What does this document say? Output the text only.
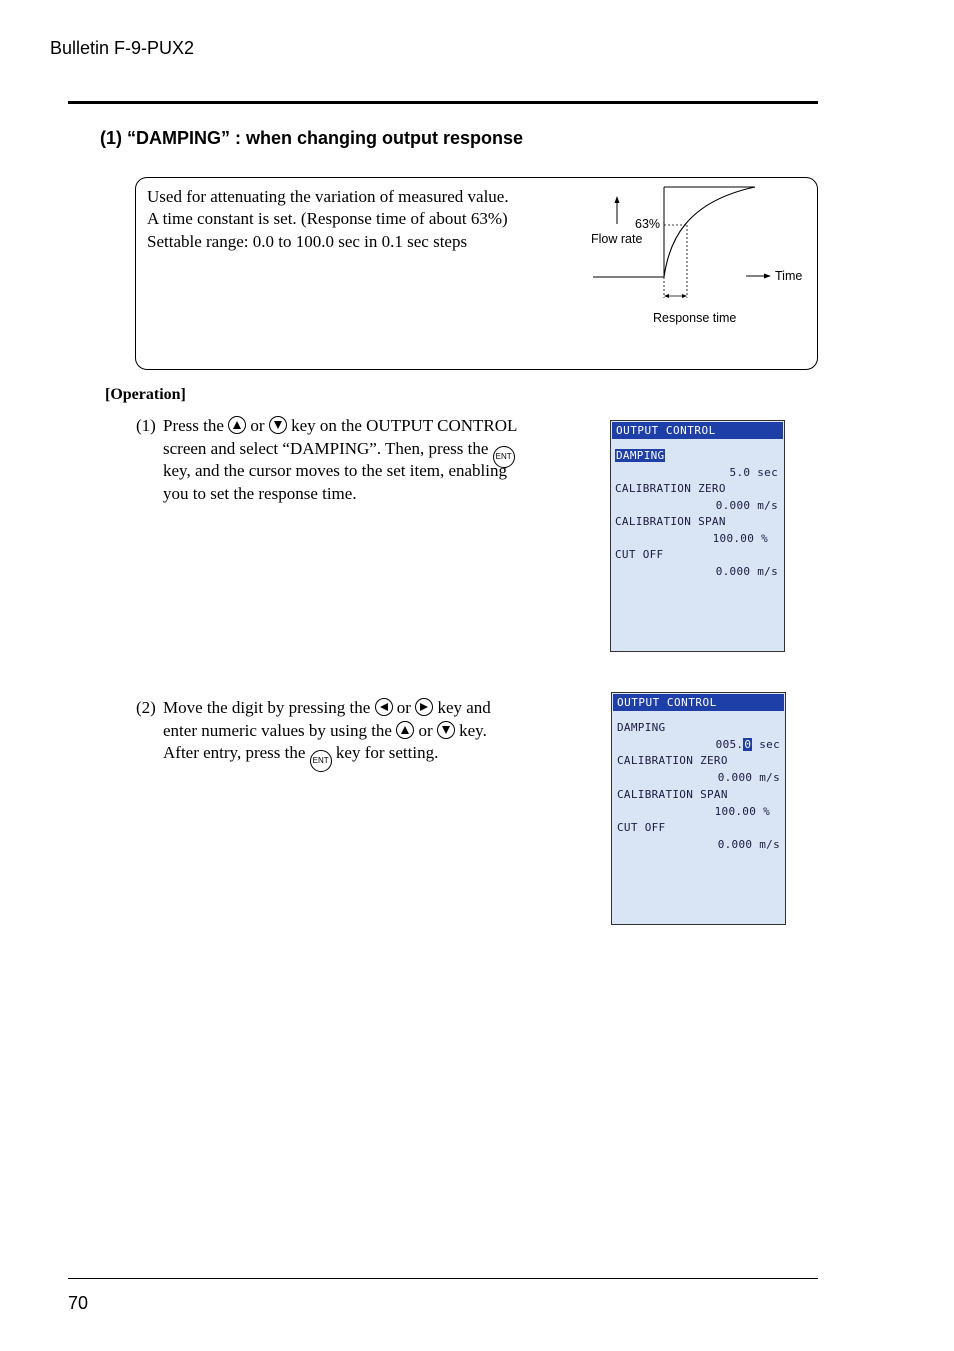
Bulletin F-9-PUX2
(1) “DAMPING” : when changing output response
Used for attenuating the variation of measured value.
A time constant is set. (Response time of about 63%)
Settable range: 0.0 to 100.0 sec in 0.1 sec steps
63%
Flow rate
Time
Response time
[Operation]
(1) Press the
or
key on the OUTPUT CONTROL
screen and select “DAMPING”. Then, press the ENT
key, and the cursor moves to the set item, enabling
you to set the response time.
OUTPUT CONTROL
DAMPING
5.0 sec
CALIBRATION ZERO
0.000 m/s
CALIBRATION SPAN
100.00 %
CUT OFF
0.000 m/s
(2) Move the digit by pressing the
or
key and
enter numeric values by using the
or
key.
After entry, press the ENT key for setting.
OUTPUT CONTROL
DAMPING
005.0 sec
CALIBRATION ZERO
0.000 m/s
CALIBRATION SPAN
100.00 %
CUT OFF
0.000 m/s
70
